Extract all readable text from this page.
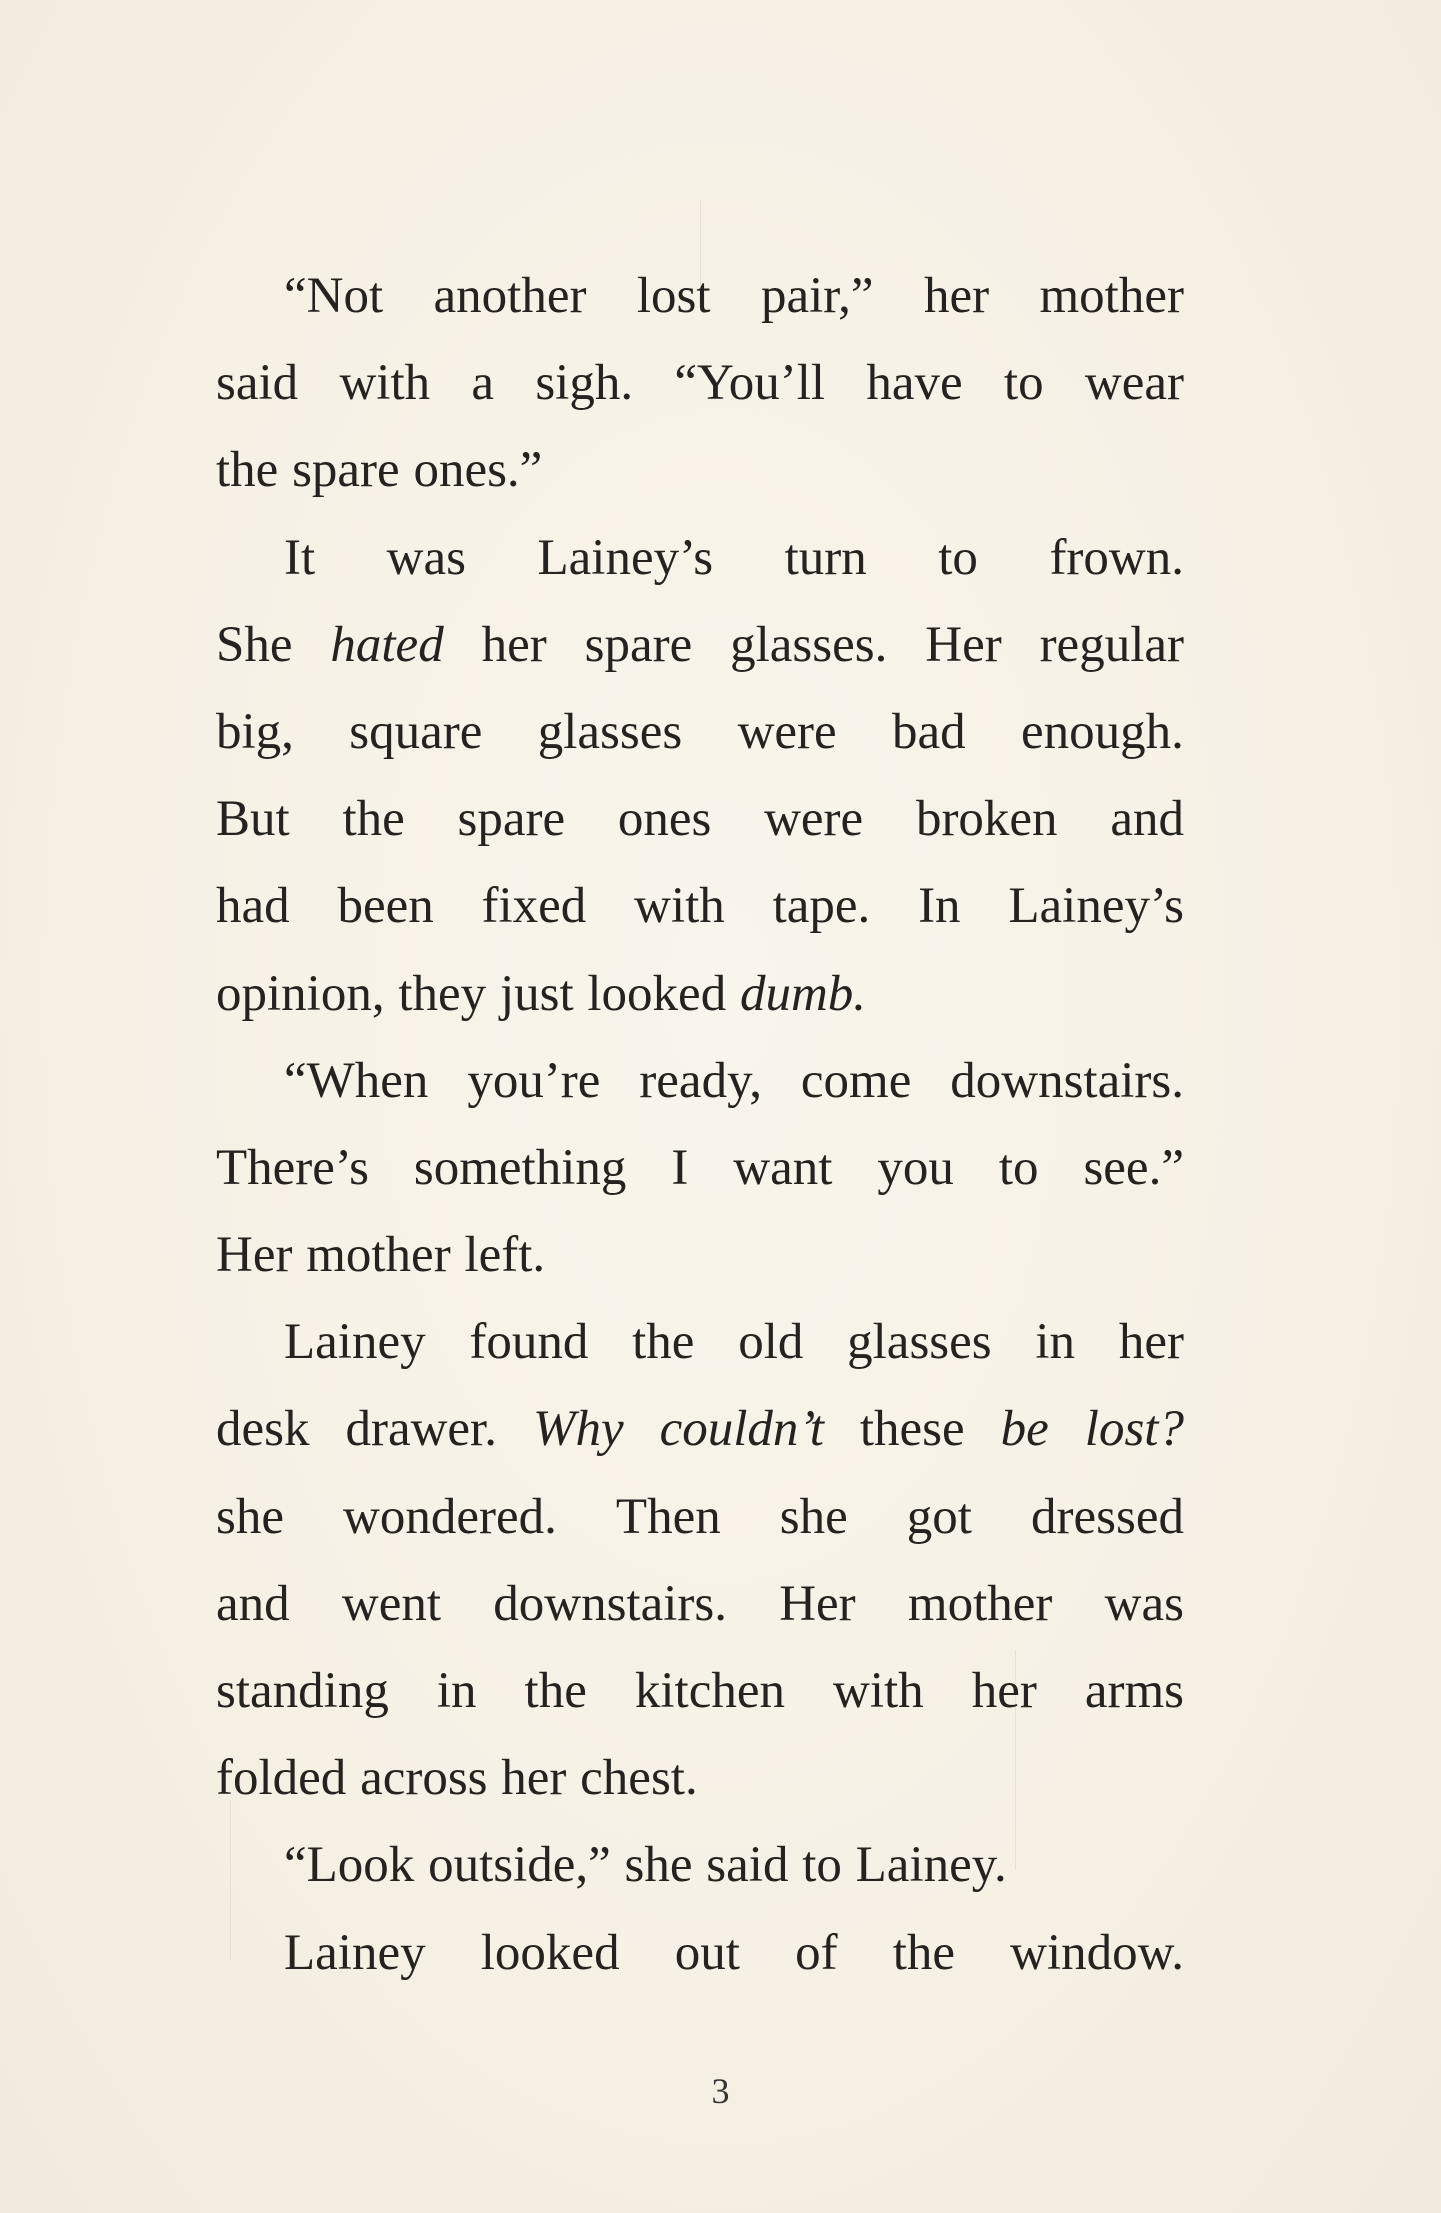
“Not another lost pair,” her mother
said with a sigh. “You’ll have to wear
the spare ones.”
It was Lainey’s turn to frown.
She hated her spare glasses. Her regular
big, square glasses were bad enough.
But the spare ones were broken and
had been fixed with tape. In Lainey’s
opinion, they just looked dumb.
“When you’re ready, come downstairs.
There’s something I want you to see.”
Her mother left.
Lainey found the old glasses in her
desk drawer. Why couldn’t these be lost?
she wondered. Then she got dressed
and went downstairs. Her mother was
standing in the kitchen with her arms
folded across her chest.
“Look outside,” she said to Lainey.
Lainey looked out of the window.
3
